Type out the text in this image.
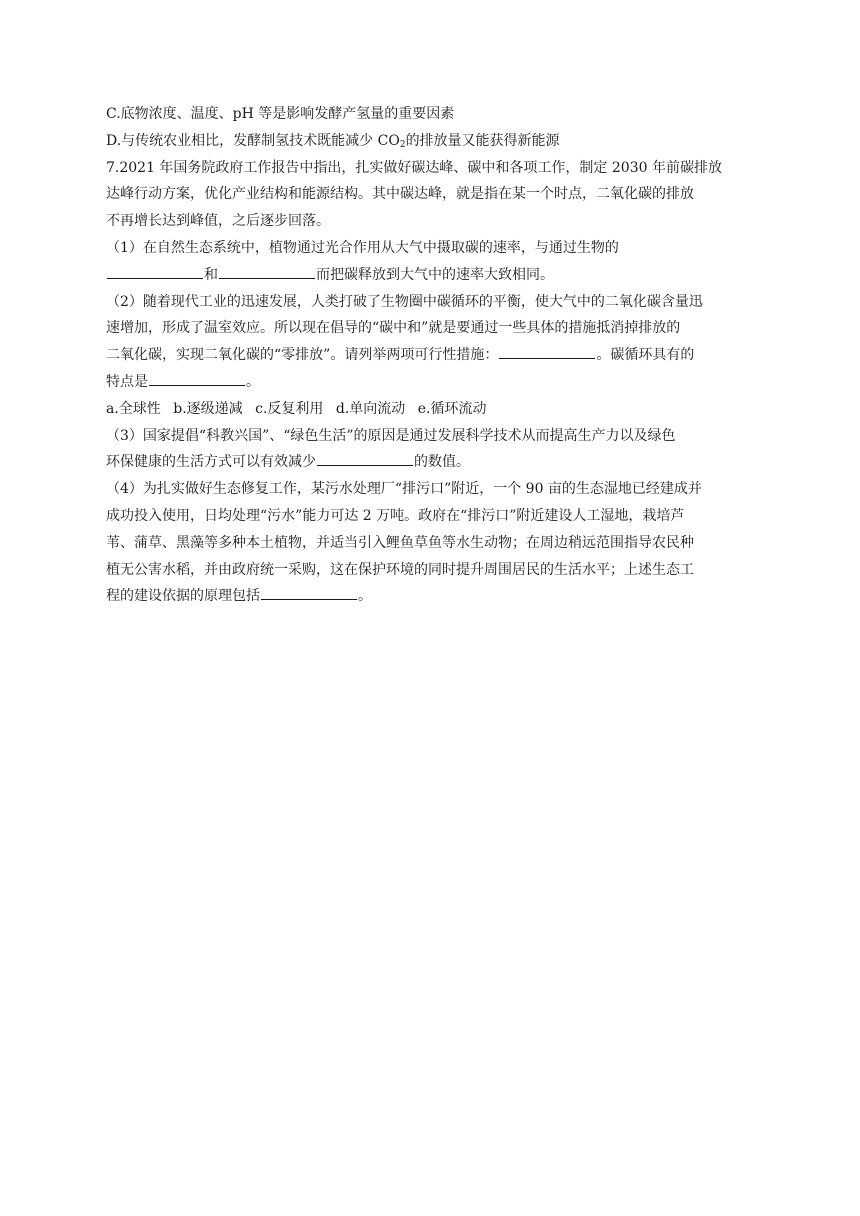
C.底物浓度、温度、pH 等是影响发酵产氢量的重要因素
D.与传统农业相比，发酵制氢技术既能减少 $CO_2$的排放量又能获得新能源
7.2021 年国务院政府工作报告中指出，扎实做好碳达峰、碳中和各项工作，制定 2030 年前碳排放
达峰行动方案，优化产业结构和能源结构。其中碳达峰，就是指在某一个时点，二氧化碳的排放
不再增长达到峰值，之后逐步回落。
（1）在自然生态系统中，植物通过光合作用从大气中摄取碳的速率，与通过生物的
和	而把碳释放到大气中的速率大致相同。
（2）随着现代工业的迅速发展，人类打破了生物圈中碳循环的平衡，使大气中的二氧化碳含量迅
速增加，形成了温室效应。所以现在倡导的“碳中和”就是要通过一些具体的措施抵消掉排放的
二氧化碳，实现二氧化碳的“零排放”。请列举两项可行性措施：	。碳循环具有的
特点是	。
a.全球性 b.逐级递减 c.反复利用 d.单向流动 e.循环流动
（3）国家提倡“科教兴国”、“绿色生活”的原因是通过发展科学技术从而提高生产力以及绿色
环保健康的生活方式可以有效减少	的数值。
（4）为扎实做好生态修复工作，某污水处理厂“排污口”附近，一个 90 亩的生态湿地已经建成并
成功投入使用，日均处理“污水”能力可达 2 万吨。政府在“排污口”附近建设人工湿地，栽培芦
苇、蒲草、黑藻等多种本土植物，并适当引入鲤鱼草鱼等水生动物；在周边稍远范围指导农民种
植无公害水稻，并由政府统一采购，这在保护环境的同时提升周围居民的生活水平；上述生态工
程的建设依据的原理包括	。
